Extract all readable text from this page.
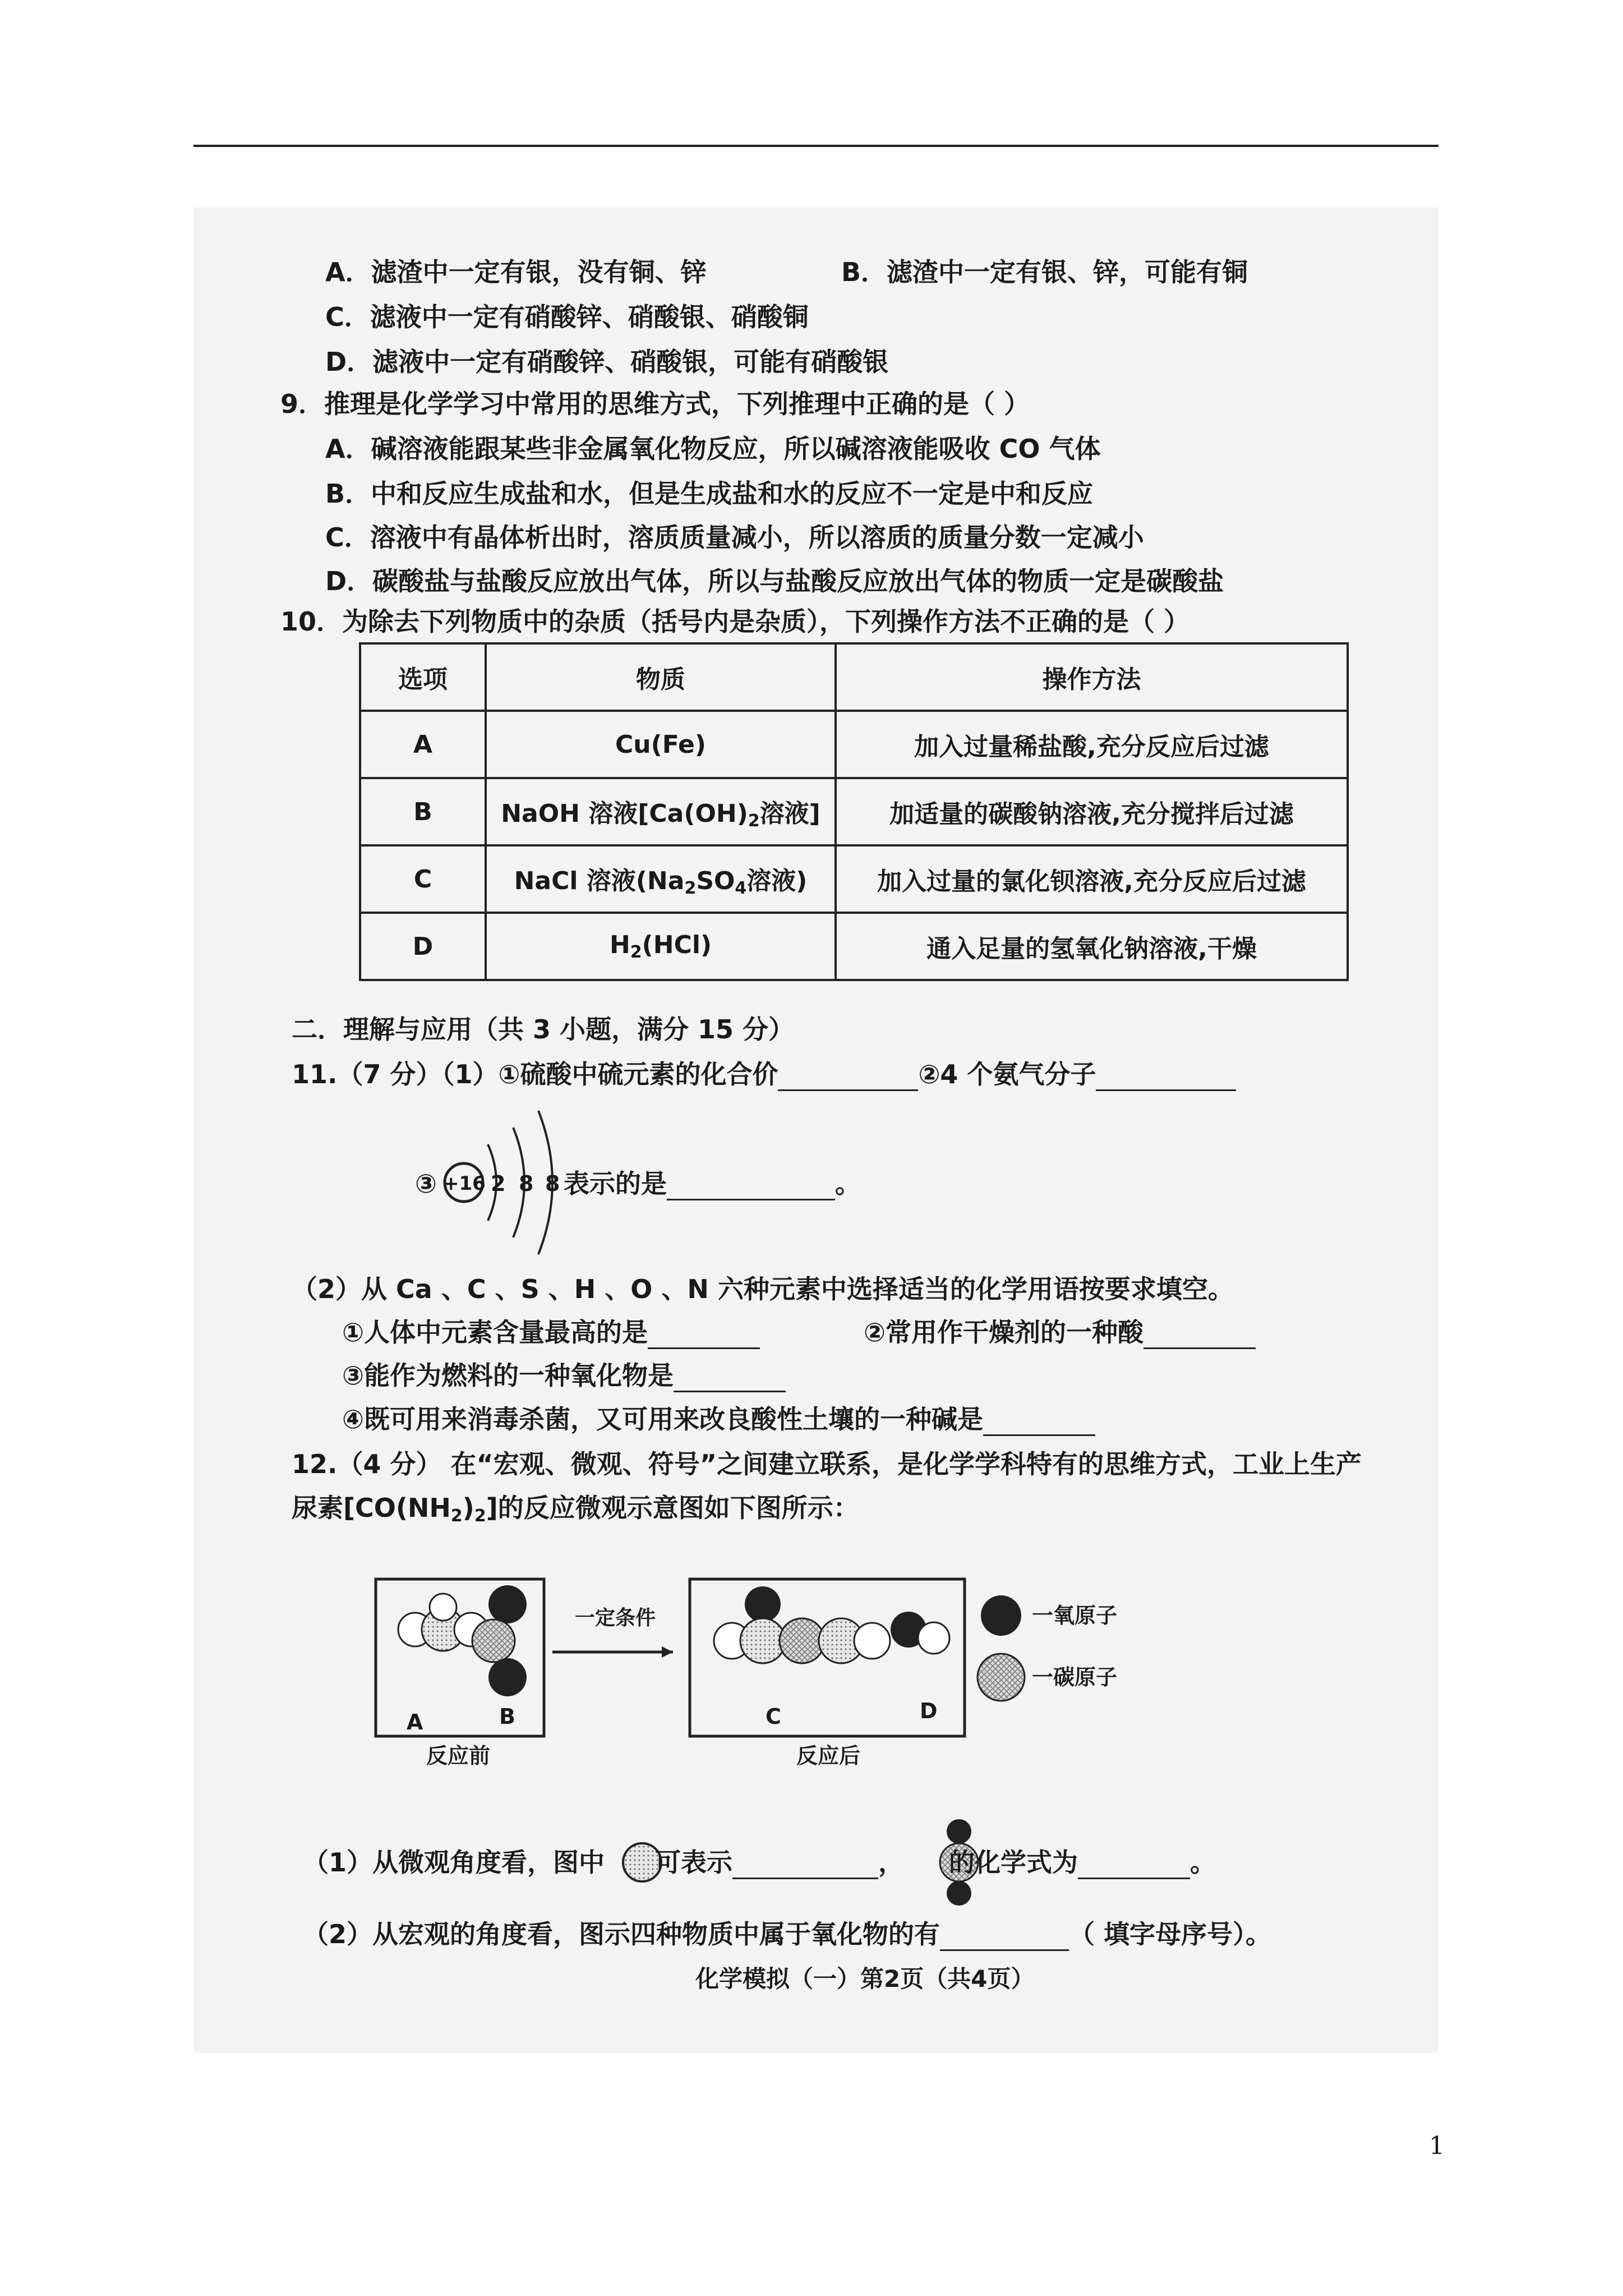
A．滤渣中一定有银，没有铜、锌	B．滤渣中一定有银、锌，可能有铜
C．滤液中一定有硝酸锌、硝酸银、硝酸铜
D．滤液中一定有硝酸锌、硝酸银，可能有硝酸银
9．推理是化学学习中常用的思维方式，下列推理中正确的是（ ）
A．碱溶液能跟某些非金属氧化物反应，所以碱溶液能吸收 CO 气体
B．中和反应生成盐和水，但是生成盐和水的反应不一定是中和反应
C．溶液中有晶体析出时，溶质质量减小，所以溶质的质量分数一定减小
D．碳酸盐与盐酸反应放出气体，所以与盐酸反应放出气体的物质一定是碳酸盐
10．为除去下列物质中的杂质（括号内是杂质），下列操作方法不正确的是（ ）
选项	物质	操作方法
A	Cu(Fe)	加入过量稀盐酸,充分反应后过滤
B	NaOH 溶液[$Ca(OH)_2$溶液]	加适量的碳酸钠溶液,充分搅拌后过滤
C	NaCl 溶液($Na_2SO_4$溶液)	加入过量的氯化钡溶液,充分反应后过滤
D	$H_2(HCl)$	通入足量的氢氧化钠溶液,干燥
二．理解与应用（共 3 小题，满分 15 分）
11.（7 分）（1）①硫酸中硫元素的化合价	②4 个氨气分子
③ +16 2 8 8 表示的是	。
（2）从 Ca 、C 、S 、H 、O 、N 六种元素中选择适当的化学用语按要求填空。
①人体中元素含量最高的是	②常用作干燥剂的一种酸
③能作为燃料的一种氧化物是
④既可用来消毒杀菌，又可用来改良酸性土壤的一种碱是
12.（4 分） 在“宏观、微观、符号”之间建立联系，是化学学科特有的思维方式，工业上生产
尿素$[CO(NH_2)_2]$的反应微观示意图如下图所示：
一定条件	一氧原子
一碳原子
A	B	C	D
反应前	反应后
（1）从微观角度看，图中 可表示	， 的化学式为	。
（2）从宏观的角度看，图示四种物质中属于氧化物的有	（ 填字母序号）。
化学模拟（一）第2页（共4页）
1
